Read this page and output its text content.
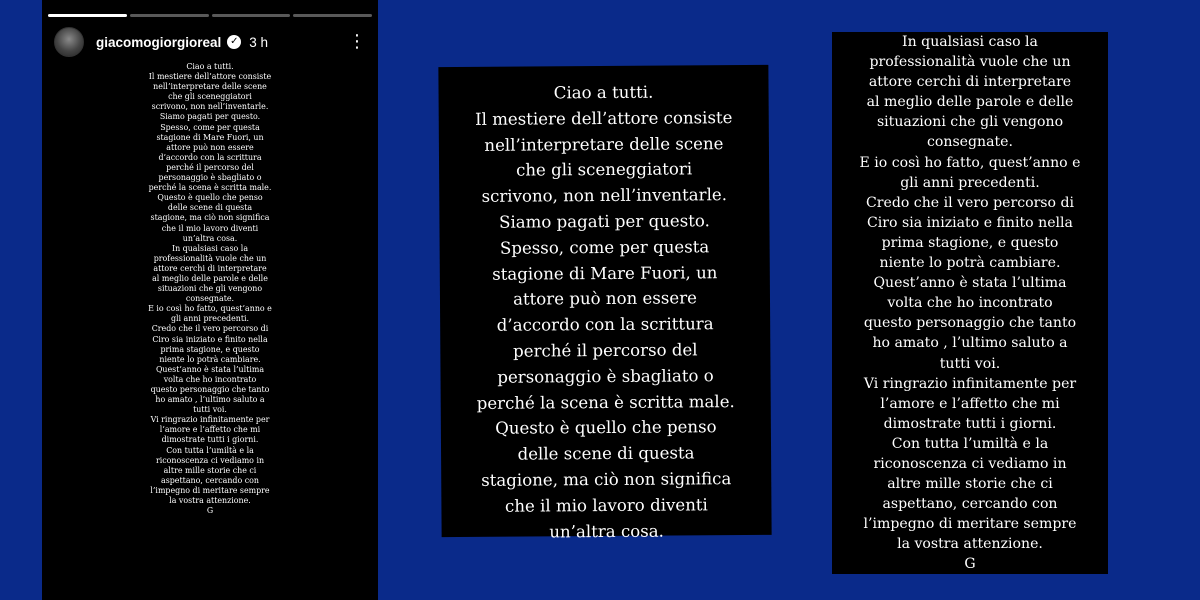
giacomogiorgioreal ✓ 3 h	⋮
Ciao a tutti.
Il mestiere dell’attore consiste
nell’interpretare delle scene
che gli sceneggiatori
scrivono, non nell’inventarle.
Siamo pagati per questo.
Spesso, come per questa
stagione di Mare Fuori, un
attore può non essere
d’accordo con la scrittura
perché il percorso del
personaggio è sbagliato o
perché la scena è scritta male.
Questo è quello che penso
delle scene di questa
stagione, ma ciò non significa
che il mio lavoro diventi
un’altra cosa.
In qualsiasi caso la
professionalità vuole che un
attore cerchi di interpretare
al meglio delle parole e delle
situazioni che gli vengono
consegnate.
E io così ho fatto, quest’anno e
gli anni precedenti.
Credo che il vero percorso di
Ciro sia iniziato e finito nella
prima stagione, e questo
niente lo potrà cambiare.
Quest’anno è stata l’ultima
volta che ho incontrato
questo personaggio che tanto
ho amato , l’ultimo saluto a
tutti voi.
Vi ringrazio infinitamente per
l’amore e l’affetto che mi
dimostrate tutti i giorni.
Con tutta l’umiltà e la
riconoscenza ci vediamo in
altre mille storie che ci
aspettano, cercando con
l’impegno di meritare sempre
la vostra attenzione.
G
Ciao a tutti.
Il mestiere dell’attore consiste
nell’interpretare delle scene
che gli sceneggiatori
scrivono, non nell’inventarle.
Siamo pagati per questo.
Spesso, come per questa
stagione di Mare Fuori, un
attore può non essere
d’accordo con la scrittura
perché il percorso del
personaggio è sbagliato o
perché la scena è scritta male.
Questo è quello che penso
delle scene di questa
stagione, ma ciò non significa
che il mio lavoro diventi
un’altra cosa.
In qualsiasi caso la
professionalità vuole che un
attore cerchi di interpretare
al meglio delle parole e delle
situazioni che gli vengono
consegnate.
E io così ho fatto, quest’anno e
gli anni precedenti.
Credo che il vero percorso di
Ciro sia iniziato e finito nella
prima stagione, e questo
niente lo potrà cambiare.
Quest’anno è stata l’ultima
volta che ho incontrato
questo personaggio che tanto
ho amato , l’ultimo saluto a
tutti voi.
Vi ringrazio infinitamente per
l’amore e l’affetto che mi
dimostrate tutti i giorni.
Con tutta l’umiltà e la
riconoscenza ci vediamo in
altre mille storie che ci
aspettano, cercando con
l’impegno di meritare sempre
la vostra attenzione.
G
